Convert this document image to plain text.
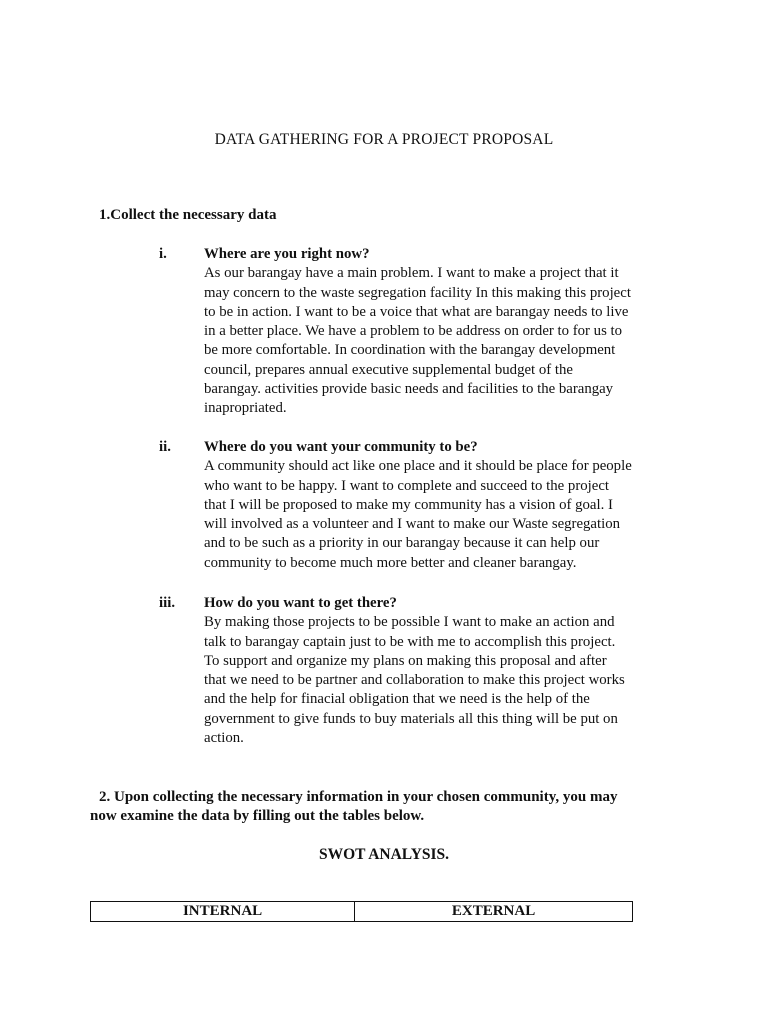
DATA GATHERING FOR A PROJECT PROPOSAL
1.Collect the necessary data
i.	Where are you right now?
As our barangay have a main problem. I want to make a project that it
may concern to the waste segregation facility In this making this project
to be in action. I want to be a voice that what are barangay needs to live
in a better place. We have a problem to be address on order to for us to
be more comfortable. In coordination with the barangay development
council, prepares annual executive supplemental budget of the
barangay. activities provide basic needs and facilities to the barangay
inapropriated.
ii. Where do you want your community to be?
A community should act like one place and it should be place for people
who want to be happy. I want to complete and succeed to the project
that I will be proposed to make my community has a vision of goal. I
will involved as a volunteer and I want to make our Waste segregation
and to be such as a priority in our barangay because it can help our
community to become much more better and cleaner barangay.
iii. How do you want to get there?
By making those projects to be possible I want to make an action and
talk to barangay captain just to be with me to accomplish this project.
To support and organize my plans on making this proposal and after
that we need to be partner and collaboration to make this project works
and the help for finacial obligation that we need is the help of the
government to give funds to buy materials all this thing will be put on
action.
2. Upon collecting the necessary information in your chosen community, you may
now examine the data by filling out the tables below.
SWOT ANALYSIS.
INTERNAL	EXTERNAL
